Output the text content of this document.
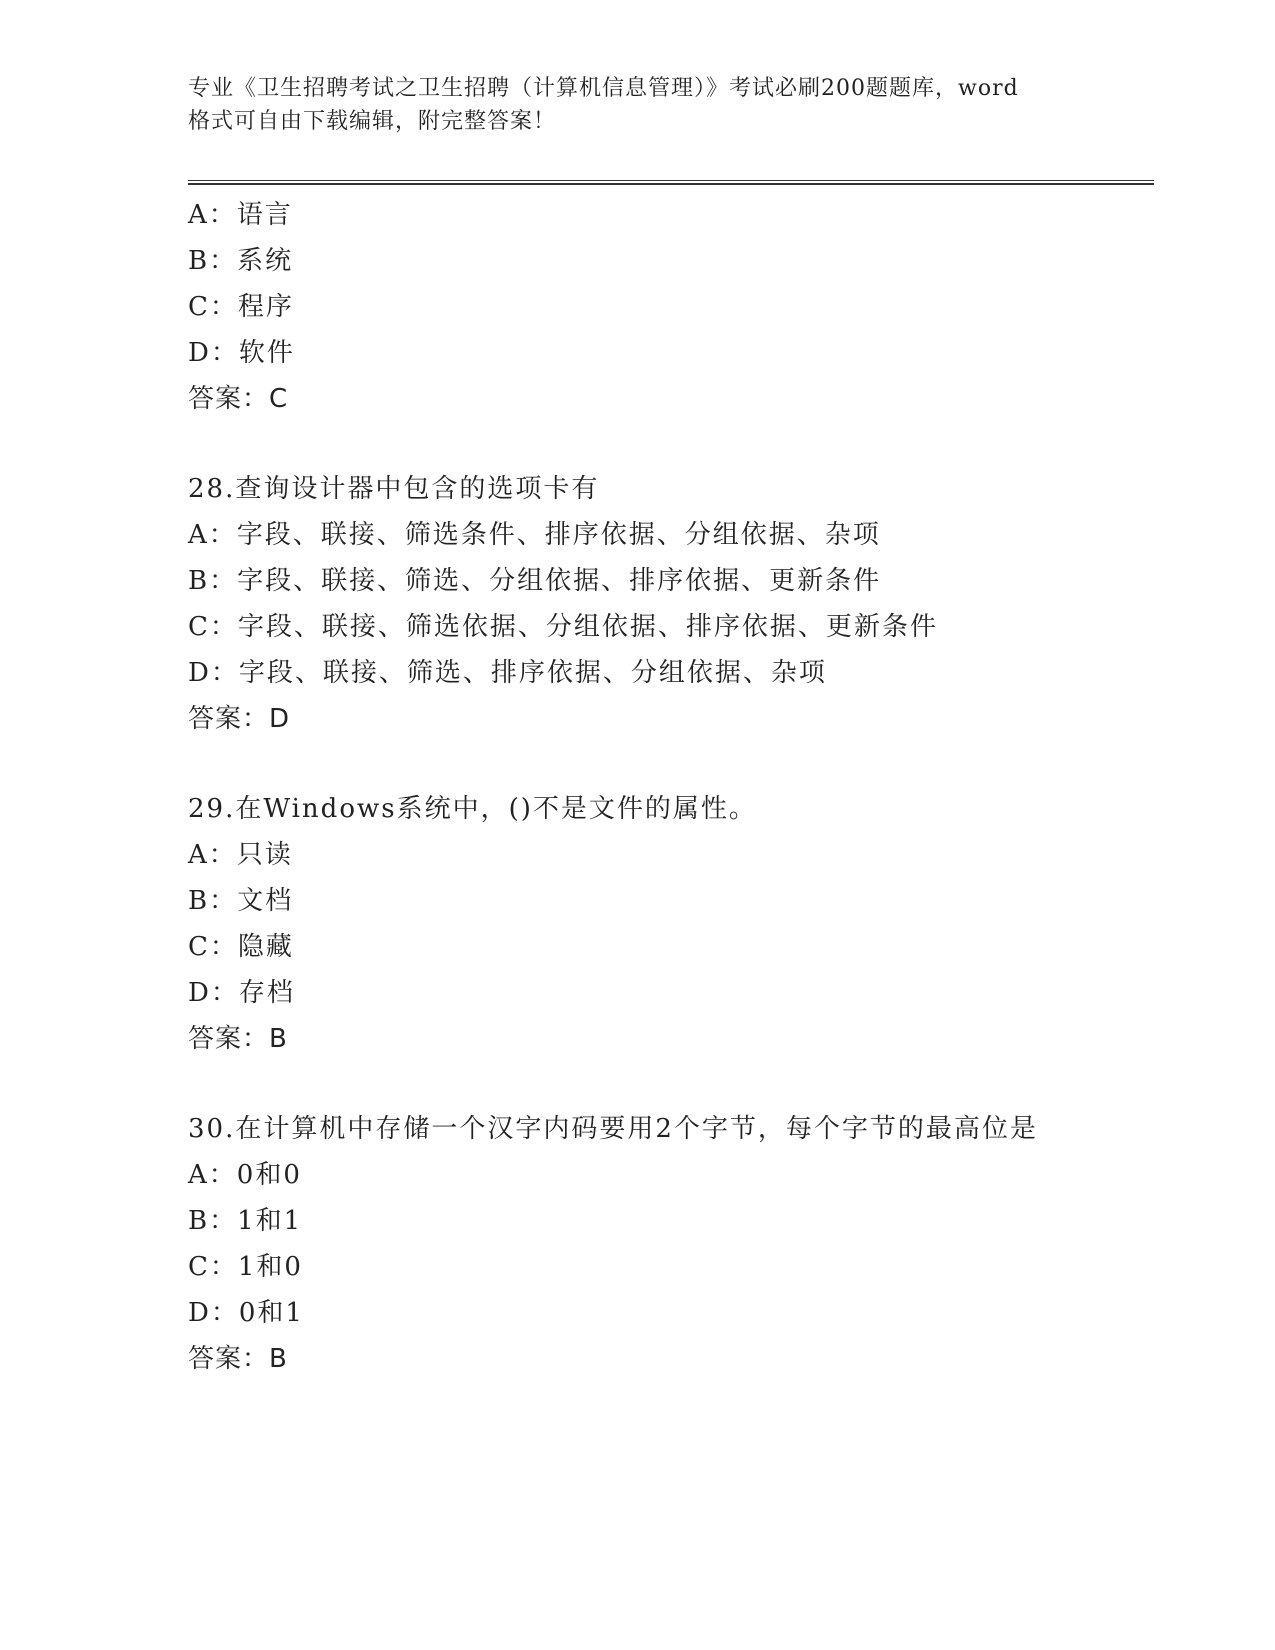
专业《卫生招聘考试之卫生招聘（计算机信息管理）》考试必刷200题题库，word
格式可自由下载编辑，附完整答案！
A：语言
B：系统
C：程序
D：软件
答案：C
28.查询设计器中包含的选项卡有
A：字段、联接、筛选条件、排序依据、分组依据、杂项
B：字段、联接、筛选、分组依据、排序依据、更新条件
C：字段、联接、筛选依据、分组依据、排序依据、更新条件
D：字段、联接、筛选、排序依据、分组依据、杂项
答案：D
29.在Windows系统中，()不是文件的属性。
A：只读
B：文档
C：隐藏
D：存档
答案：B
30.在计算机中存储一个汉字内码要用2个字节，每个字节的最高位是
A：0和0
B：1和1
C：1和0
D：0和1
答案：B
